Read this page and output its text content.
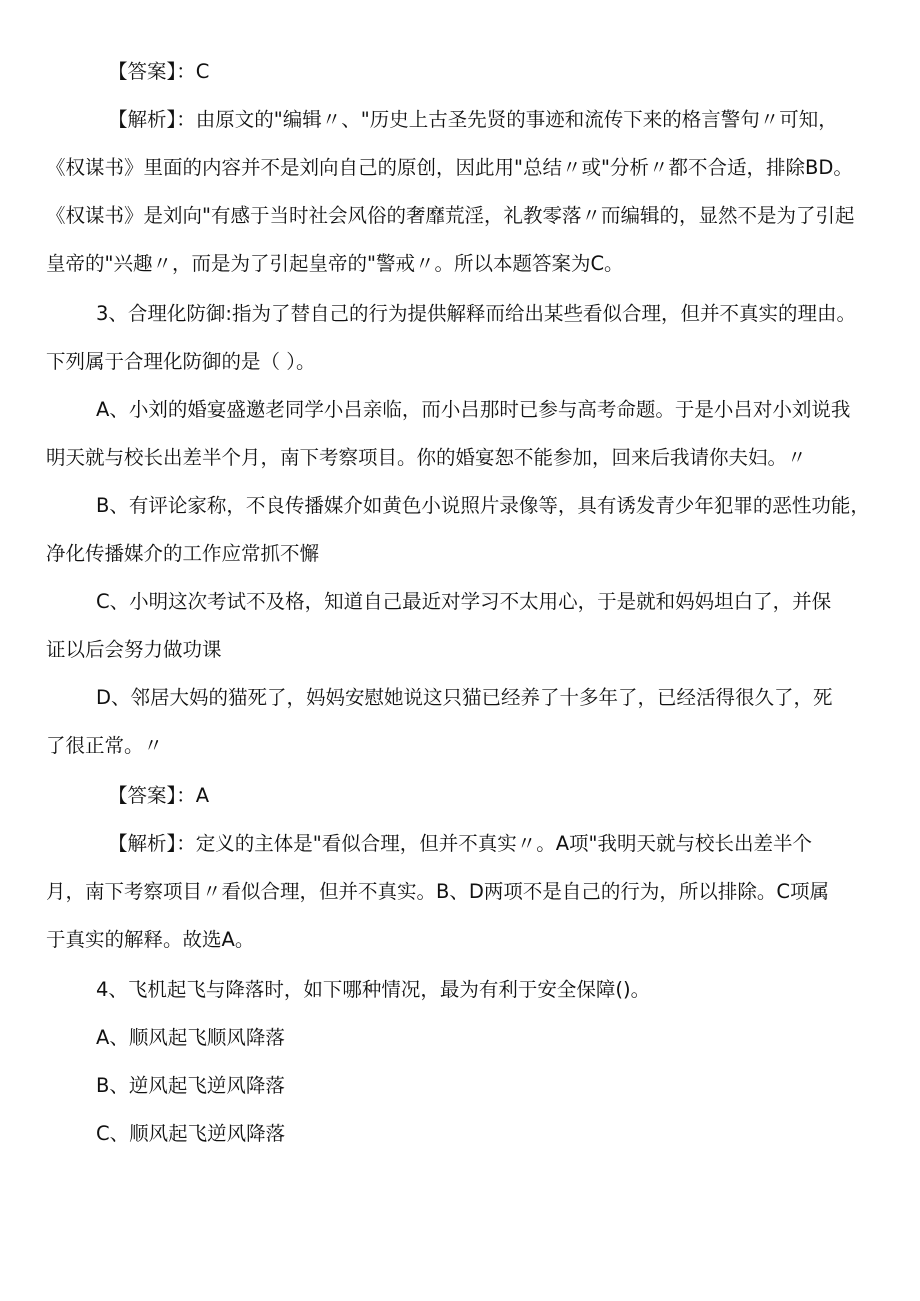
【答案】：C
【解析】：由原文的"编辑〃、"历史上古圣先贤的事迹和流传下来的格言警句〃可知，
《权谋书》里面的内容并不是刘向自己的原创，因此用"总结〃或"分析〃都不合适，排除BD。
《权谋书》是刘向"有感于当时社会风俗的奢靡荒淫，礼教零落〃而编辑的，显然不是为了引起
皇帝的"兴趣〃，而是为了引起皇帝的"警戒〃。所以本题答案为C。
3、合理化防御:指为了替自己的行为提供解释而给出某些看似合理，但并不真实的理由。
下列属于合理化防御的是（ ）。
A、小刘的婚宴盛邀老同学小吕亲临，而小吕那时已参与高考命题。于是小吕对小刘说我
明天就与校长出差半个月，南下考察项目。你的婚宴恕不能参加，回来后我请你夫妇。〃
B、有评论家称，不良传播媒介如黄色小说照片录像等，具有诱发青少年犯罪的恶性功能，
净化传播媒介的工作应常抓不懈
C、小明这次考试不及格，知道自己最近对学习不太用心，于是就和妈妈坦白了，并保
证以后会努力做功课
D、邻居大妈的猫死了，妈妈安慰她说这只猫已经养了十多年了，已经活得很久了，死
了很正常。〃
【答案】：A
【解析】：定义的主体是"看似合理，但并不真实〃。A项"我明天就与校长出差半个
月，南下考察项目〃看似合理，但并不真实。B、D两项不是自己的行为，所以排除。C项属
于真实的解释。故选A。
4、飞机起飞与降落时，如下哪种情况，最为有利于安全保障()。
A、顺风起飞顺风降落
B、逆风起飞逆风降落
C、顺风起飞逆风降落
